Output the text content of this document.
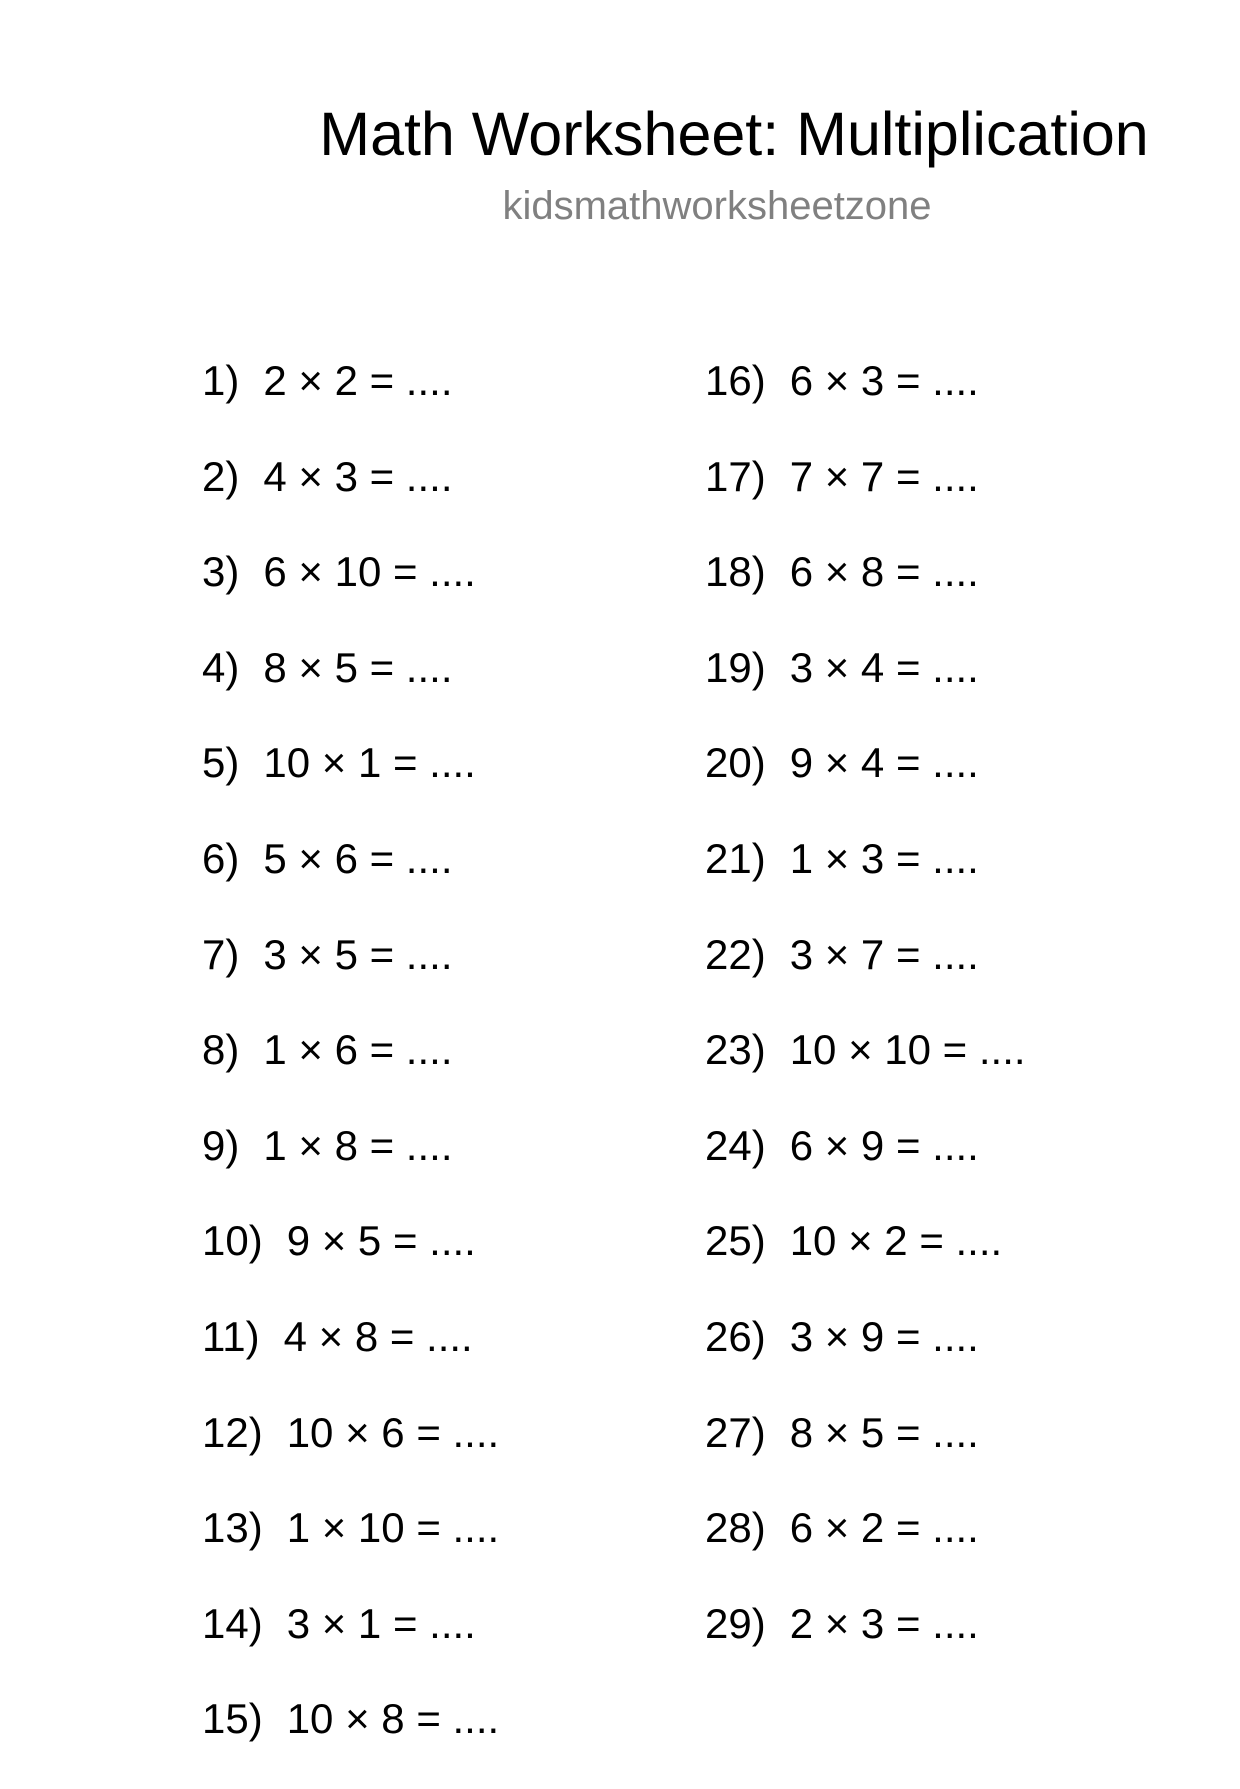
Math Worksheet: Multiplication
kidsmathworksheetzone
1) 2 × 2 = ....
2) 4 × 3 = ....
3) 6 × 10 = ....
4) 8 × 5 = ....
5) 10 × 1 = ....
6) 5 × 6 = ....
7) 3 × 5 = ....
8) 1 × 6 = ....
9) 1 × 8 = ....
10) 9 × 5 = ....
11) 4 × 8 = ....
12) 10 × 6 = ....
13) 1 × 10 = ....
14) 3 × 1 = ....
15) 10 × 8 = ....
16) 6 × 3 = ....
17) 7 × 7 = ....
18) 6 × 8 = ....
19) 3 × 4 = ....
20) 9 × 4 = ....
21) 1 × 3 = ....
22) 3 × 7 = ....
23) 10 × 10 = ....
24) 6 × 9 = ....
25) 10 × 2 = ....
26) 3 × 9 = ....
27) 8 × 5 = ....
28) 6 × 2 = ....
29) 2 × 3 = ....
